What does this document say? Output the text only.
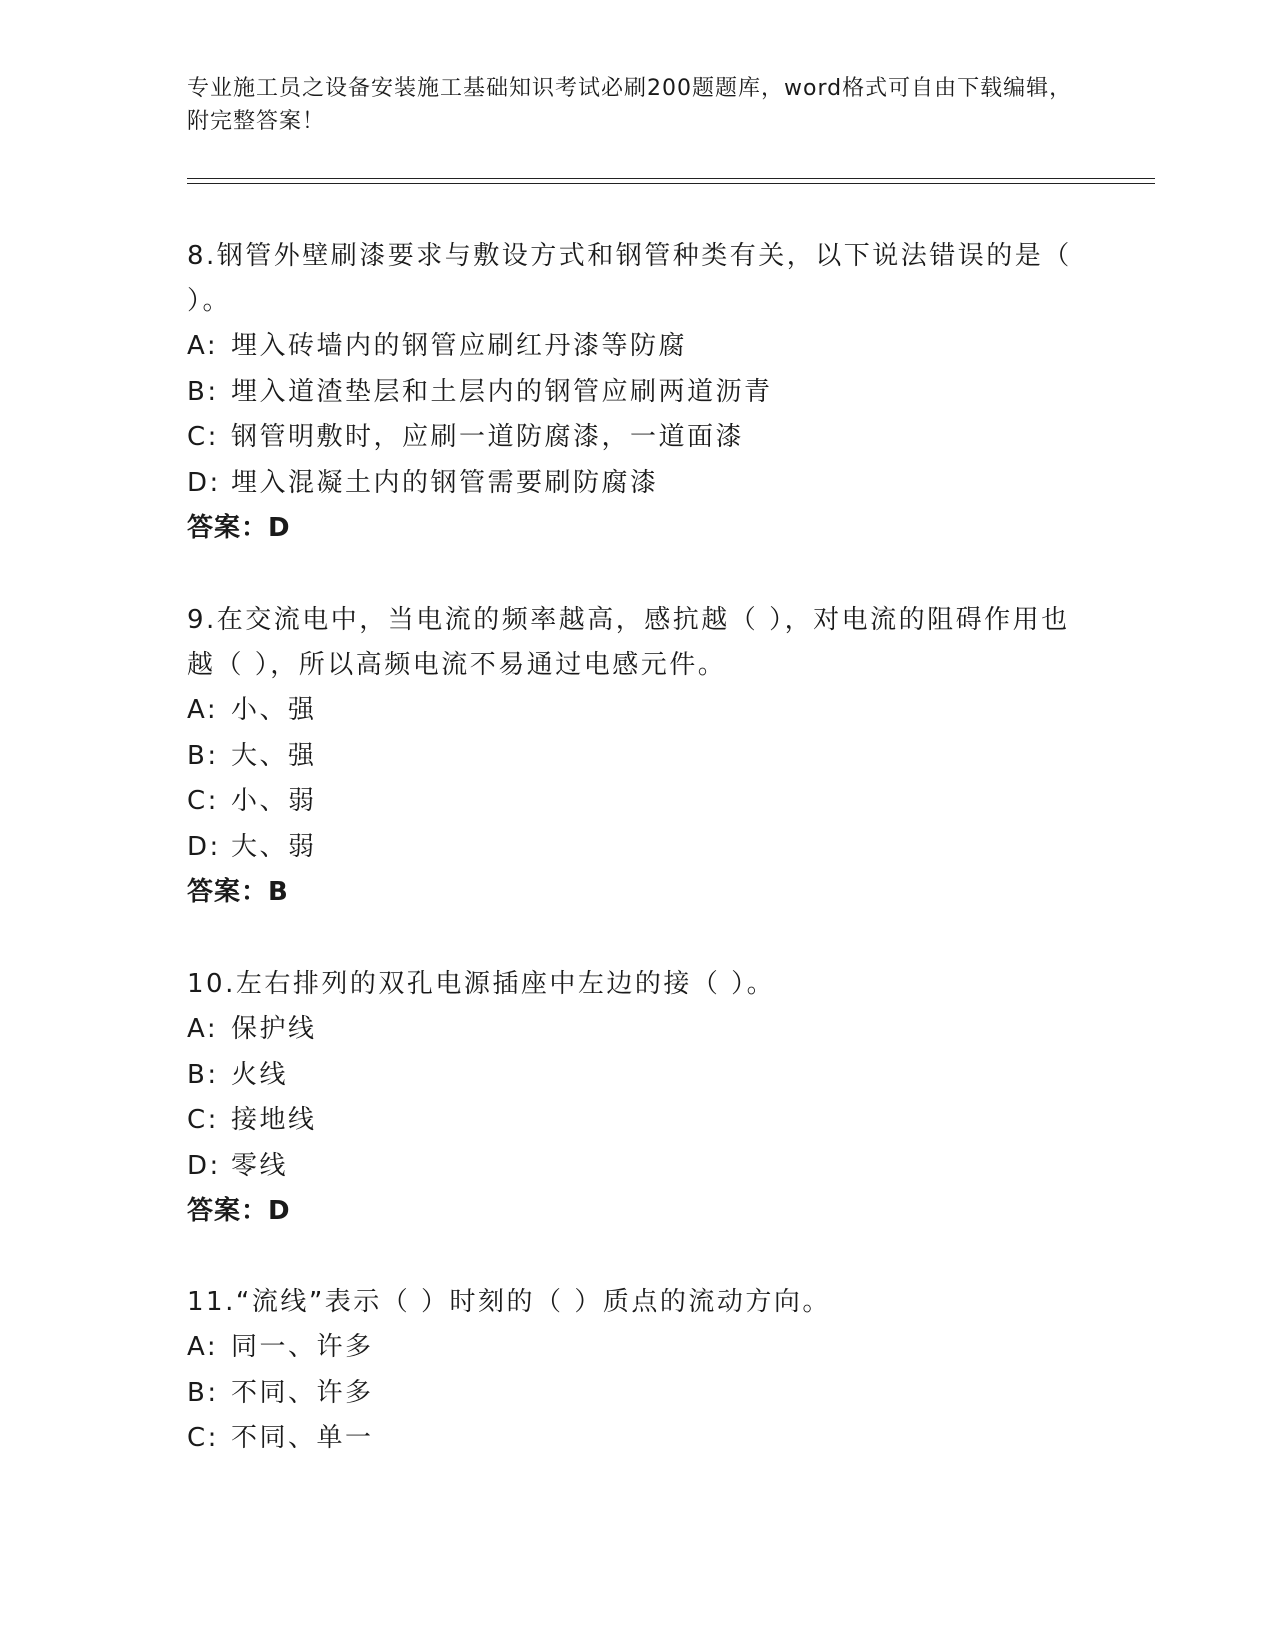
专业施工员之设备安装施工基础知识考试必刷200题题库，word格式可自由下载编辑，附完整答案！
8.钢管外壁刷漆要求与敷设方式和钢管种类有关，以下说法错误的是（ ）。
A: 埋入砖墙内的钢管应刷红丹漆等防腐
B: 埋入道渣垫层和土层内的钢管应刷两道沥青
C: 钢管明敷时，应刷一道防腐漆，一道面漆
D: 埋入混凝土内的钢管需要刷防腐漆
答案：D
9.在交流电中，当电流的频率越高，感抗越（ ），对电流的阻碍作用也越（ ），所以高频电流不易通过电感元件。
A: 小、强
B: 大、强
C: 小、弱
D: 大、弱
答案：B
10.左右排列的双孔电源插座中左边的接（ ）。
A: 保护线
B: 火线
C: 接地线
D: 零线
答案：D
11.“流线”表示（ ）时刻的（ ）质点的流动方向。
A: 同一、许多
B: 不同、许多
C: 不同、单一
